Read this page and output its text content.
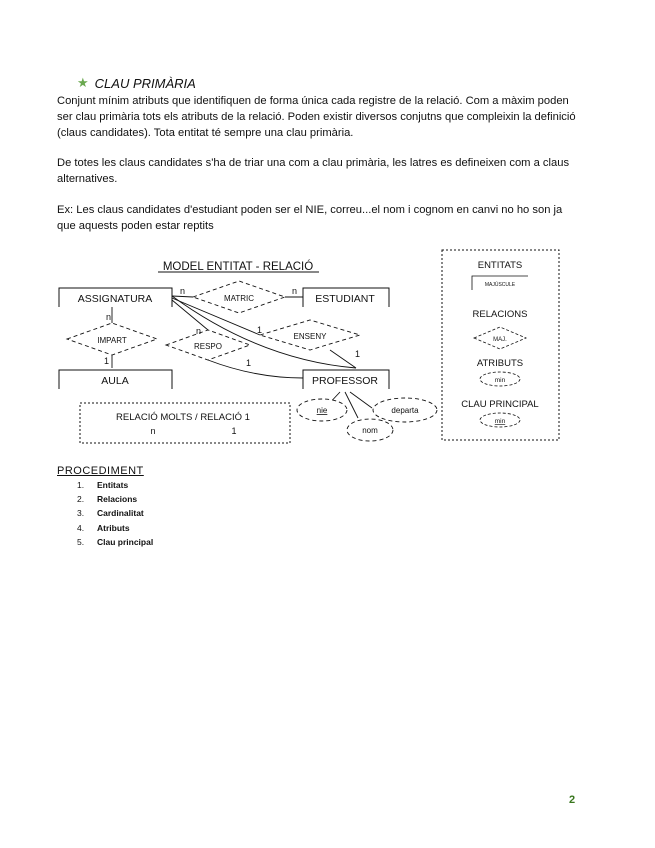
★ CLAU PRIMÀRIA
Conjunt mínim atributs que identifiquen de forma única cada registre de la relació. Com a màxim poden ser clau primària tots els atributs de la relació. Poden existir diversos conjutns que compleixin la definició (claus candidates). Tota entitat té sempre una clau primària.
De totes les claus candidates s'ha de triar una com a clau primària, les latres es defineixen com a claus alternatives.
Ex: Les claus candidates d'estudiant poden ser el NIE, correu...el nom i cognom en canvi no ho son ja que aquests poden estar reptits
MODEL ENTITAT - RELACIÓ
ASSIGNATURA	ESTUDIANT
AULA	PROFESSOR
MATRIC
IMPART
RESPO
ENSENY
n	n
n
1
n
1
1
1
nie
nom
departa
RELACIÓ MOLTS / RELACIÓ 1
n	1
ENTITATS
MAJÚSCULE
RELACIONS
MAJ.
ATRIBUTS
min
CLAU PRINCIPAL
min
PROCEDIMENT
1.	Entitats
2.	Relacions
3.	Cardinalitat
4.	Atributs
5.	Clau principal
2
